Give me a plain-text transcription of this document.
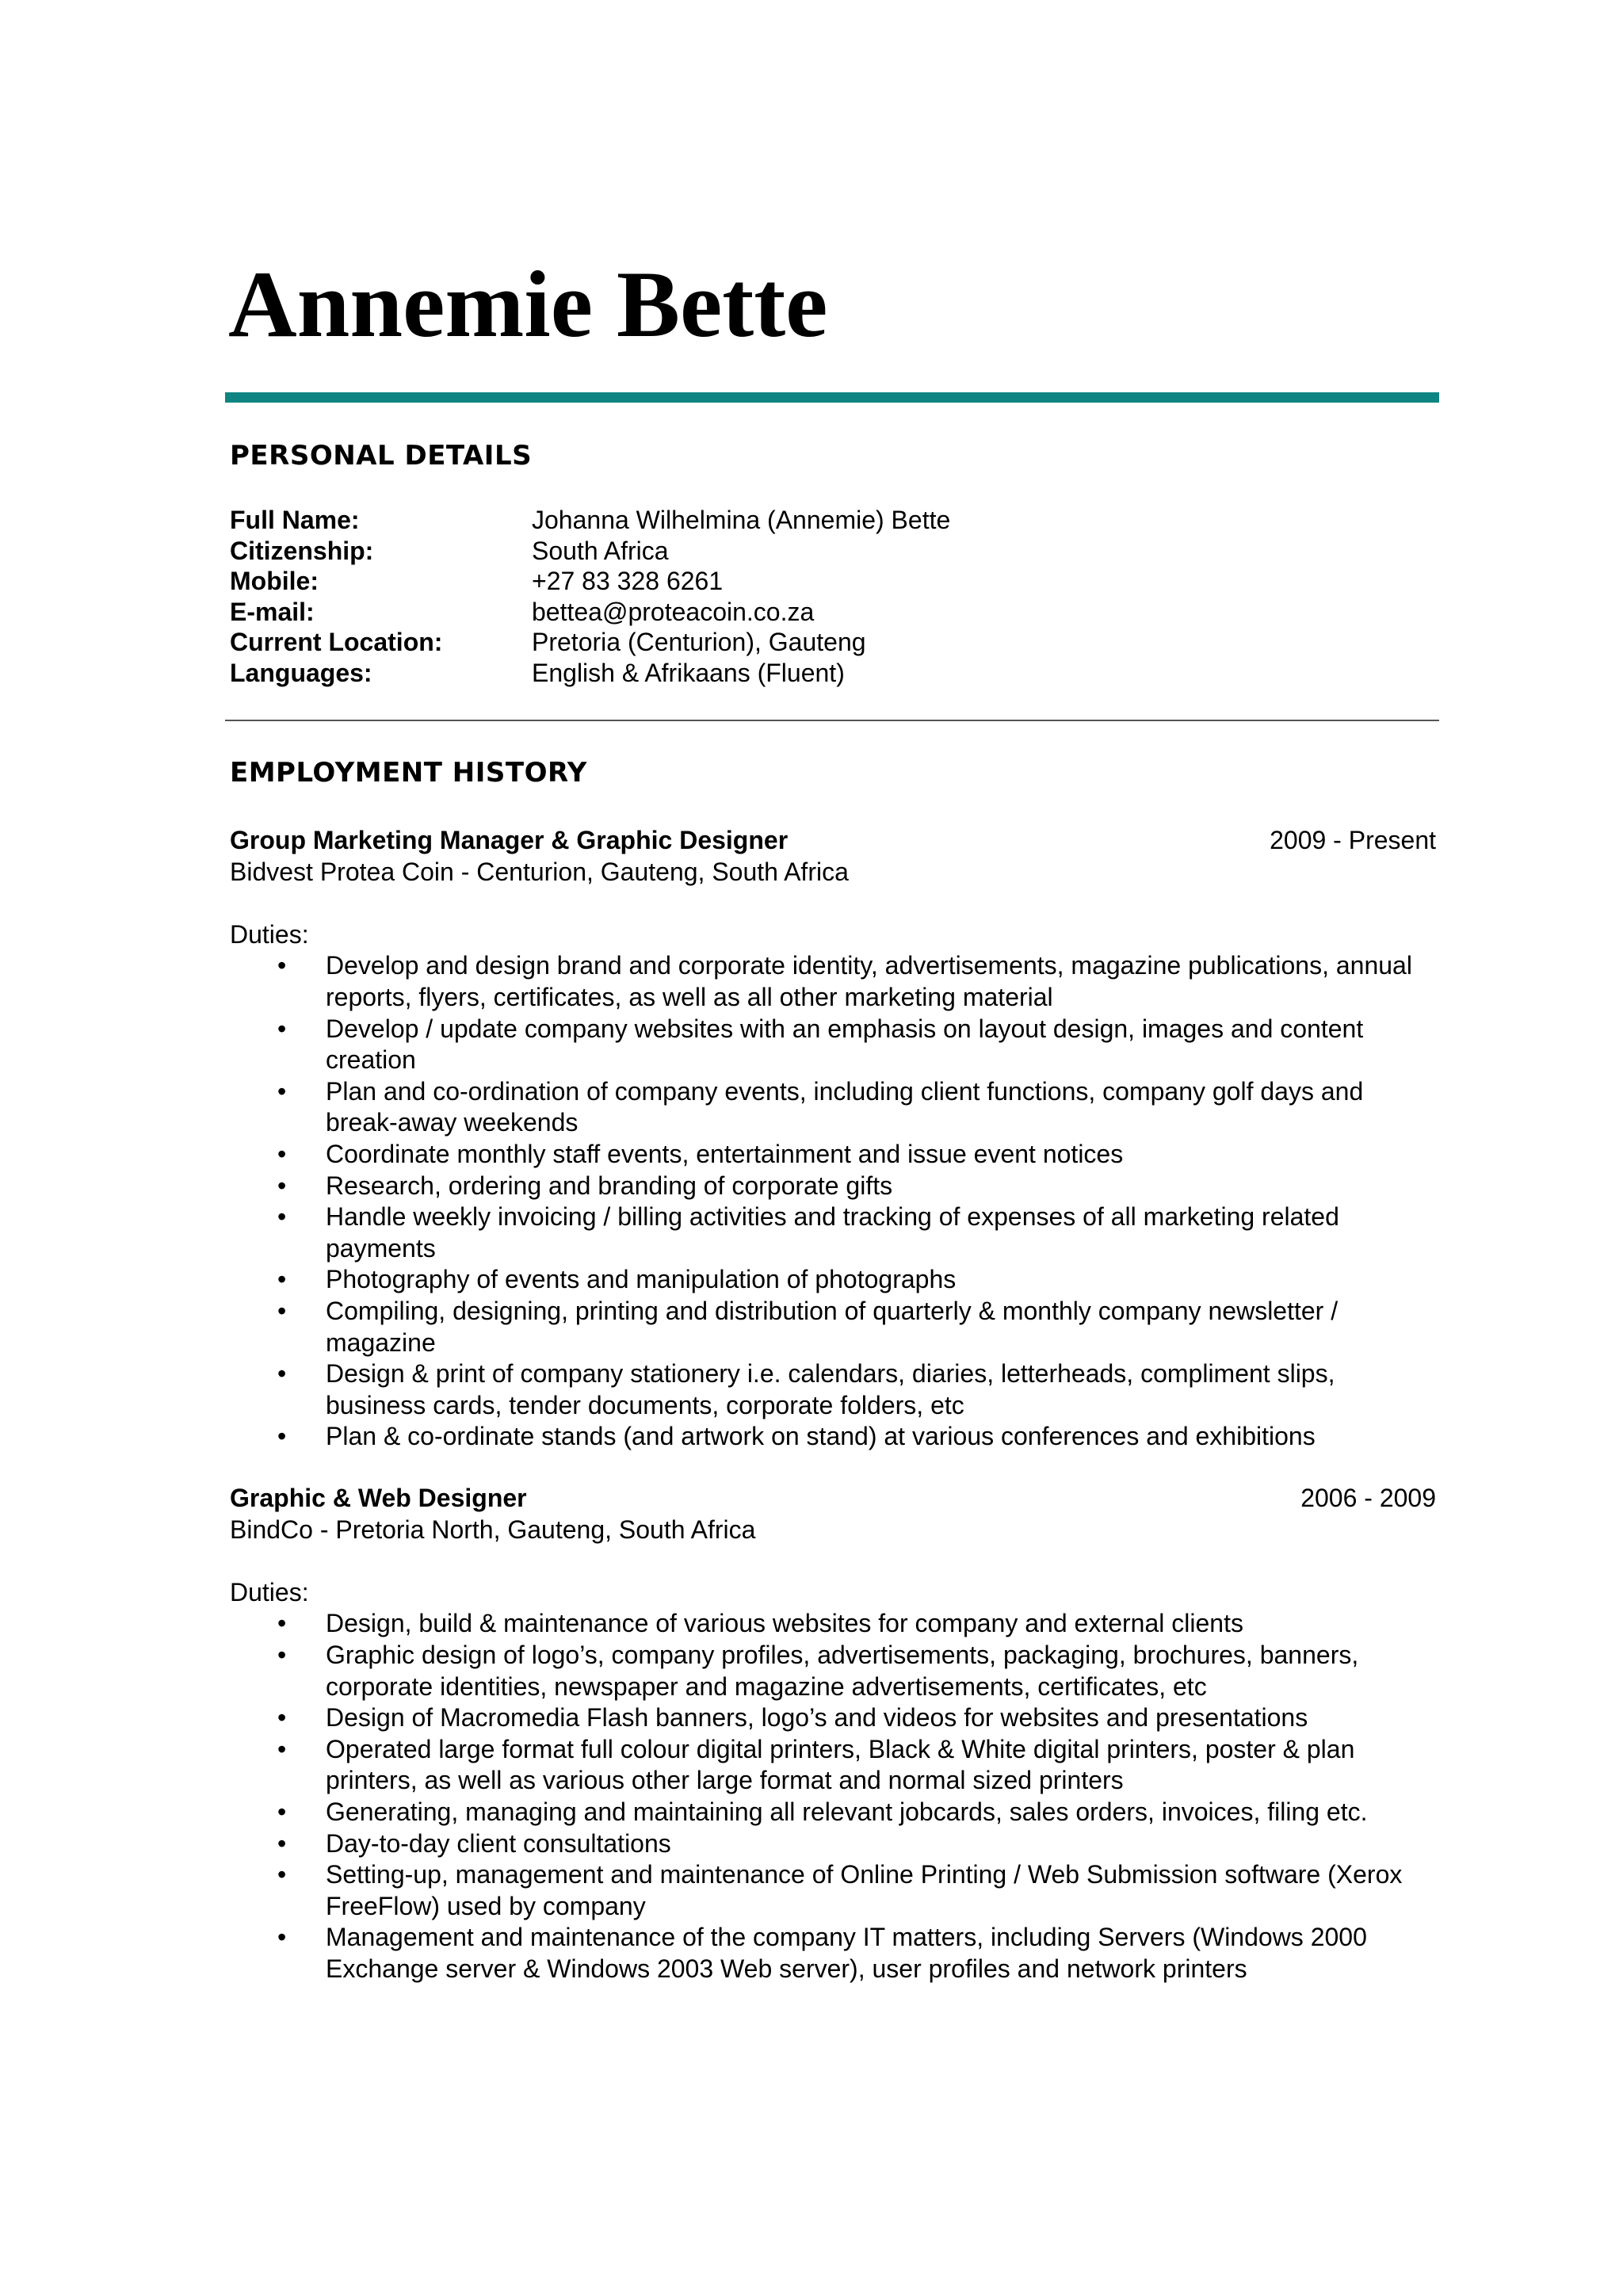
Annemie Bette
PERSONAL DETAILS
Full Name:	Johanna Wilhelmina (Annemie) Bette
Citizenship:	South Africa
Mobile:	+27 83 328 6261
E-mail:	bettea@proteacoin.co.za
Current Location:	Pretoria (Centurion), Gauteng
Languages:	English & Afrikaans (Fluent)
EMPLOYMENT HISTORY
Group Marketing Manager & Graphic Designer	2009 - Present
Bidvest Protea Coin - Centurion, Gauteng, South Africa
Duties:
• Develop and design brand and corporate identity, advertisements, magazine publications, annual reports, flyers, certificates, as well as all other marketing material
• Develop / update company websites with an emphasis on layout design, images and content creation
• Plan and co-ordination of company events, including client functions, company golf days and break-away weekends
• Coordinate monthly staff events, entertainment and issue event notices
• Research, ordering and branding of corporate gifts
• Handle weekly invoicing / billing activities and tracking of expenses of all marketing related payments
• Photography of events and manipulation of photographs
• Compiling, designing, printing and distribution of quarterly & monthly company newsletter / magazine
• Design & print of company stationery i.e. calendars, diaries, letterheads, compliment slips, business cards, tender documents, corporate folders, etc
• Plan & co-ordinate stands (and artwork on stand) at various conferences and exhibitions
Graphic & Web Designer	2006 - 2009
BindCo - Pretoria North, Gauteng, South Africa
Duties:
• Design, build & maintenance of various websites for company and external clients
• Graphic design of logo’s, company profiles, advertisements, packaging, brochures, banners, corporate identities, newspaper and magazine advertisements, certificates, etc
• Design of Macromedia Flash banners, logo’s and videos for websites and presentations
• Operated large format full colour digital printers, Black & White digital printers, poster & plan printers, as well as various other large format and normal sized printers
• Generating, managing and maintaining all relevant jobcards, sales orders, invoices, filing etc.
• Day-to-day client consultations
• Setting-up, management and maintenance of Online Printing / Web Submission software (Xerox FreeFlow) used by company
• Management and maintenance of the company IT matters, including Servers (Windows 2000 Exchange server & Windows 2003 Web server), user profiles and network printers
